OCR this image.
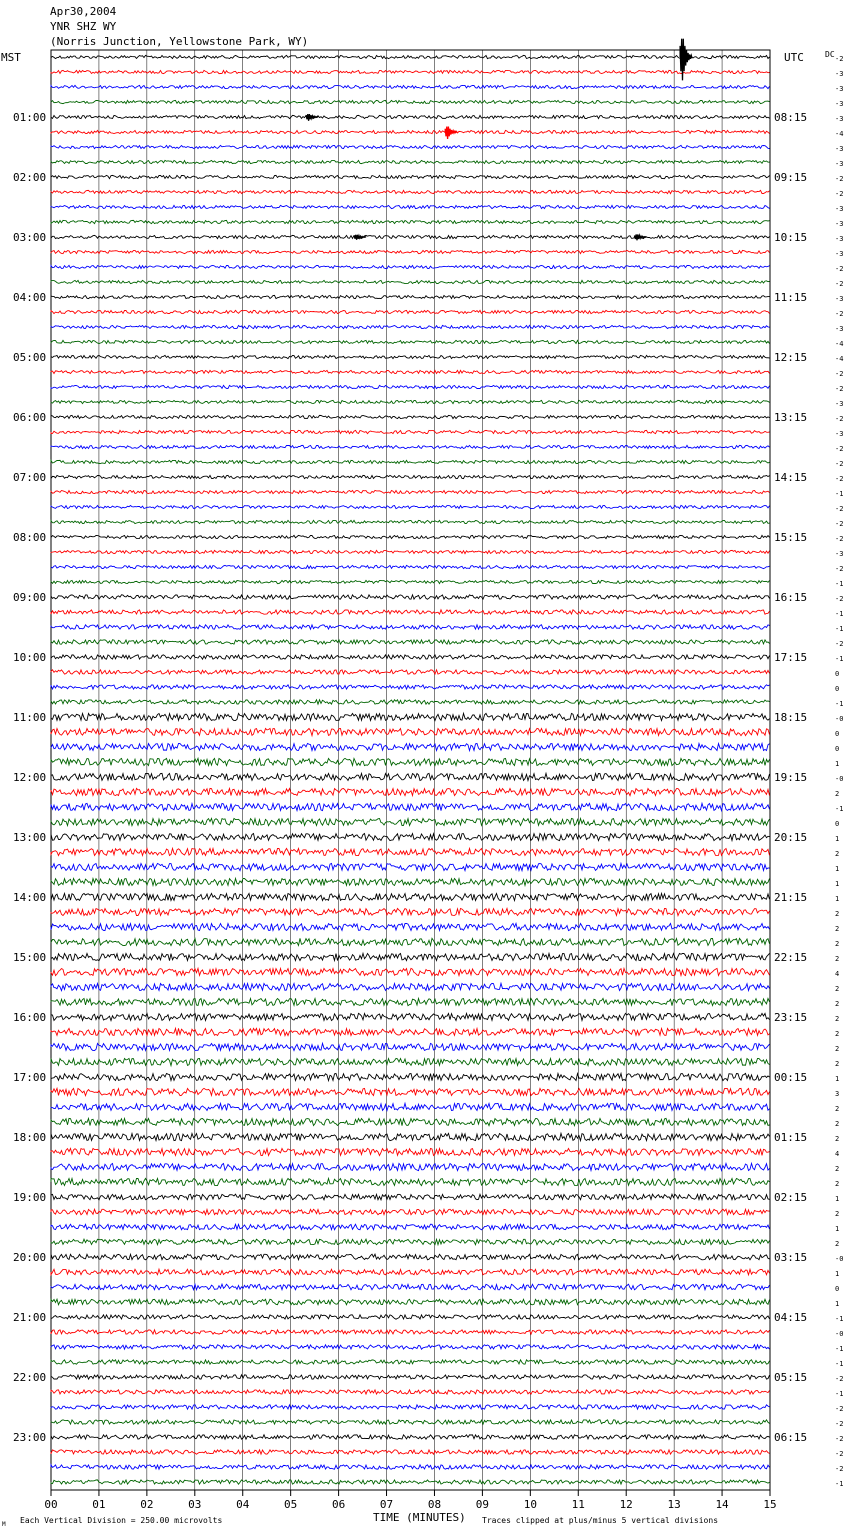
-2
-3
-3
-3
-3
-4
-3
-3
-2
-2
-3
-3
-3
-3
-2
-2
-3
-2
-3
-4
-4
-2
-2
-3
-2
-3
-2
-2
-2
-1
-2
-2
-2
-3
-2
-1
-2
-1
-1
-2
-1
0
0
-1
-0
0
0
1
-0
2
-1
0
1
2
1
1
1
2
2
2
2
4
2
2
2
2
2
2
1
3
2
2
2
4
2
2
1
2
1
2
-0
1
0
1
-1
-0
-1
-1
-2
-1
-2
-2
-2
-2
-2
-1
01:00
02:00
03:00
04:00
05:00
06:00
07:00
08:00
09:00
10:00
11:00
12:00
13:00
14:00
15:00
16:00
17:00
18:00
19:00
20:00
21:00
22:00
23:00
08:15
09:15
10:15
11:15
12:15
13:15
14:15
15:15
16:15
17:15
18:15
19:15
20:15
21:15
22:15
23:15
00:15
01:15
02:15
03:15
04:15
05:15
06:15
00	01	02	03	04	05	06	07	08	09	10	11	12	13	14	15
Apr30,2004
YNR SHZ WY
(Norris Junction, Yellowstone Park, WY)
MST	UTC	DC
TIME (MINUTES)
Each Vertical Division = 250.00 microvolts	Traces clipped at plus/minus 5 vertical divisions
M
